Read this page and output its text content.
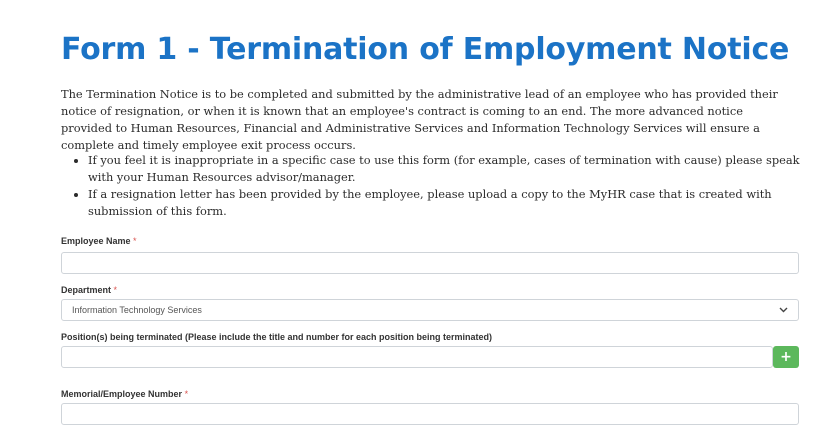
Form 1 - Termination of Employment Notice

The Termination Notice is to be completed and submitted by the administrative lead of an employee who has provided their notice of resignation, or when it is known that an employee's contract is coming to an end. The more advanced notice provided to Human Resources, Financial and Administrative Services and Information Technology Services will ensure a complete and timely employee exit process occurs.

• If you feel it is inappropriate in a specific case to use this form (for example, cases of termination with cause) please speak with your Human Resources advisor/manager.
• If a resignation letter has been provided by the employee, please upload a copy to the MyHR case that is created with submission of this form.
Employee Name *
Department *
Information Technology Services
Position(s) being terminated (Please include the title and number for each position being terminated)
+
Memorial/Employee Number *
